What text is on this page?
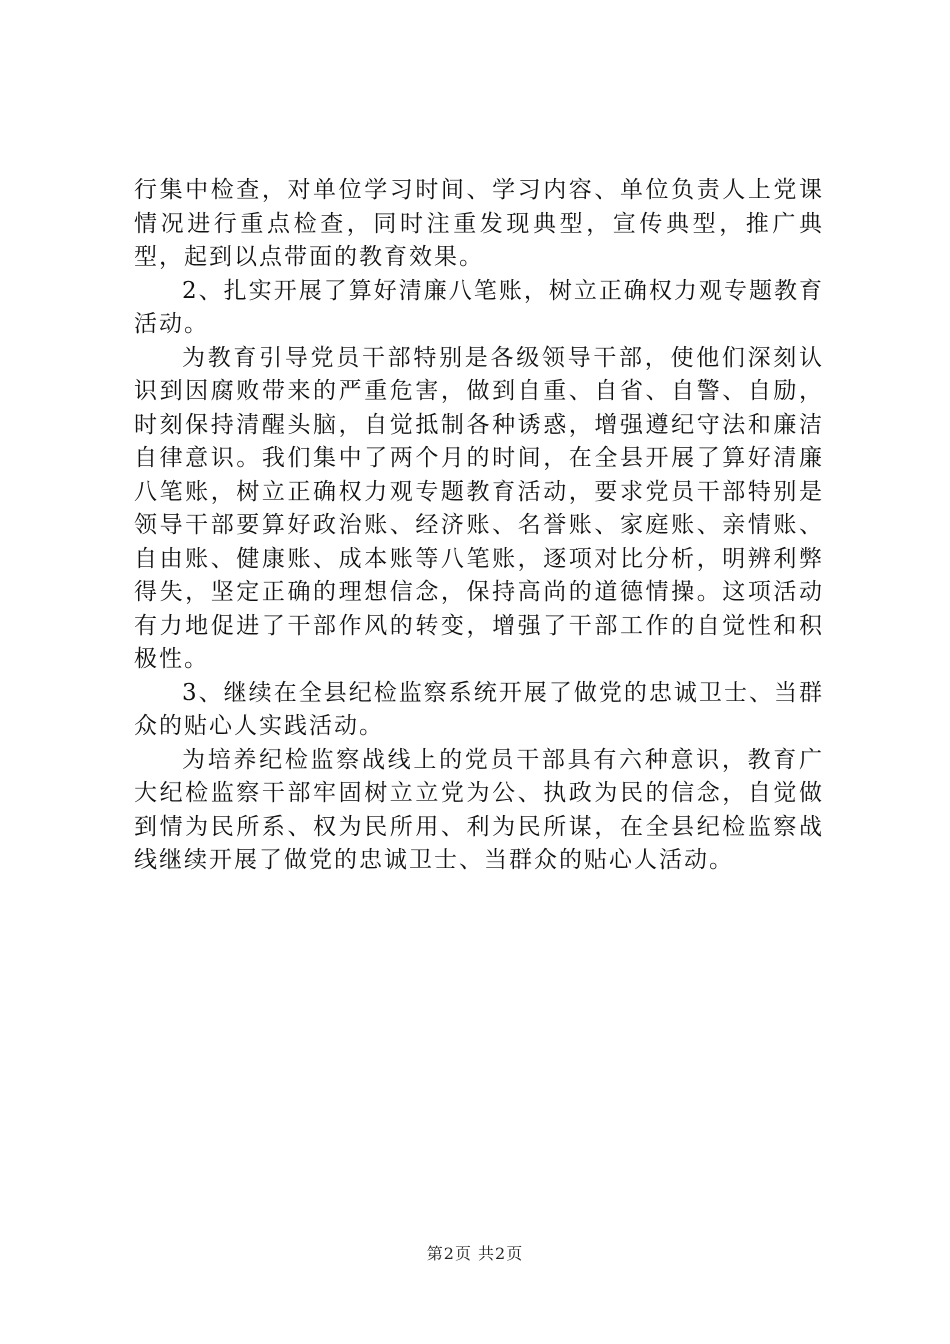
行集中检查，对单位学习时间、学习内容、单位负责人上党课情况进行重点检查，同时注重发现典型，宣传典型，推广典型，起到以点带面的教育效果。

2、扎实开展了算好清廉八笔账，树立正确权力观专题教育活动。

为教育引导党员干部特别是各级领导干部，使他们深刻认识到因腐败带来的严重危害，做到自重、自省、自警、自励，时刻保持清醒头脑，自觉抵制各种诱惑，增强遵纪守法和廉洁自律意识。我们集中了两个月的时间，在全县开展了算好清廉八笔账，树立正确权力观专题教育活动，要求党员干部特别是领导干部要算好政治账、经济账、名誉账、家庭账、亲情账、自由账、健康账、成本账等八笔账，逐项对比分析，明辨利弊得失，坚定正确的理想信念，保持高尚的道德情操。这项活动有力地促进了干部作风的转变，增强了干部工作的自觉性和积极性。

3、继续在全县纪检监察系统开展了做党的忠诚卫士、当群众的贴心人实践活动。

为培养纪检监察战线上的党员干部具有六种意识，教育广大纪检监察干部牢固树立立党为公、执政为民的信念，自觉做到情为民所系、权为民所用、利为民所谋，在全县纪检监察战线继续开展了做党的忠诚卫士、当群众的贴心人活动。

第2页 共2页
